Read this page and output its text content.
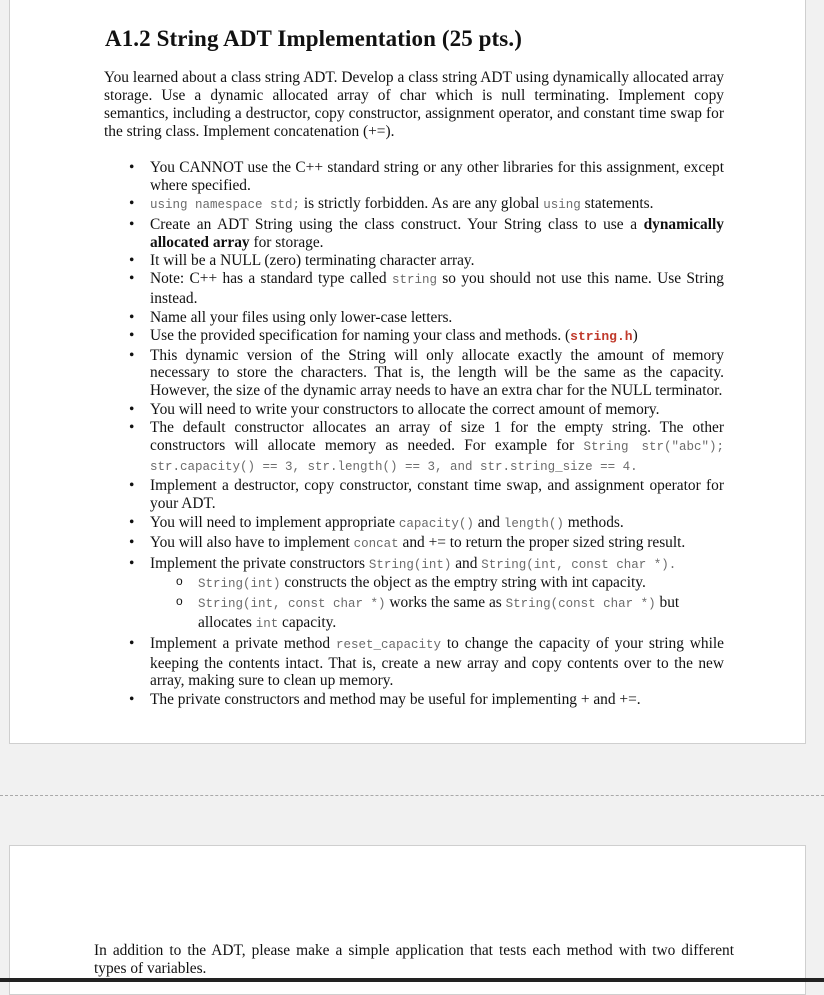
A1.2 String ADT Implementation (25 pts.)

You learned about a class string ADT. Develop a class string ADT using dynamically allocated array storage. Use a dynamic allocated array of char which is null terminating. Implement copy semantics, including a destructor, copy constructor, assignment operator, and constant time swap for the string class. Implement concatenation (+=).

• You CANNOT use the C++ standard string or any other libraries for this assignment, except where specified.
• using namespace std; is strictly forbidden. As are any global using statements.
• Create an ADT String using the class construct. Your String class to use a dynamically allocated array for storage.
• It will be a NULL (zero) terminating character array.
• Note: C++ has a standard type called string so you should not use this name. Use String instead.
• Name all your files using only lower-case letters.
• Use the provided specification for naming your class and methods. (string.h)
• This dynamic version of the String will only allocate exactly the amount of memory necessary to store the characters. That is, the length will be the same as the capacity. However, the size of the dynamic array needs to have an extra char for the NULL terminator.
• You will need to write your constructors to allocate the correct amount of memory.
• The default constructor allocates an array of size 1 for the empty string. The other constructors will allocate memory as needed. For example for String str("abc"); str.capacity() == 3, str.length() == 3, and str.string_size == 4.
• Implement a destructor, copy constructor, constant time swap, and assignment operator for your ADT.
• You will need to implement appropriate capacity() and length() methods.
• You will also have to implement concat and += to return the proper sized string result.
• Implement the private constructors String(int) and String(int, const char *).
o String(int) constructs the object as the emptry string with int capacity.
o String(int, const char *) works the same as String(const char *) but allocates int capacity.
• Implement a private method reset_capacity to change the capacity of your string while keeping the contents intact. That is, create a new array and copy contents over to the new array, making sure to clean up memory.
• The private constructors and method may be useful for implementing + and +=.

In addition to the ADT, please make a simple application that tests each method with two different types of variables.
